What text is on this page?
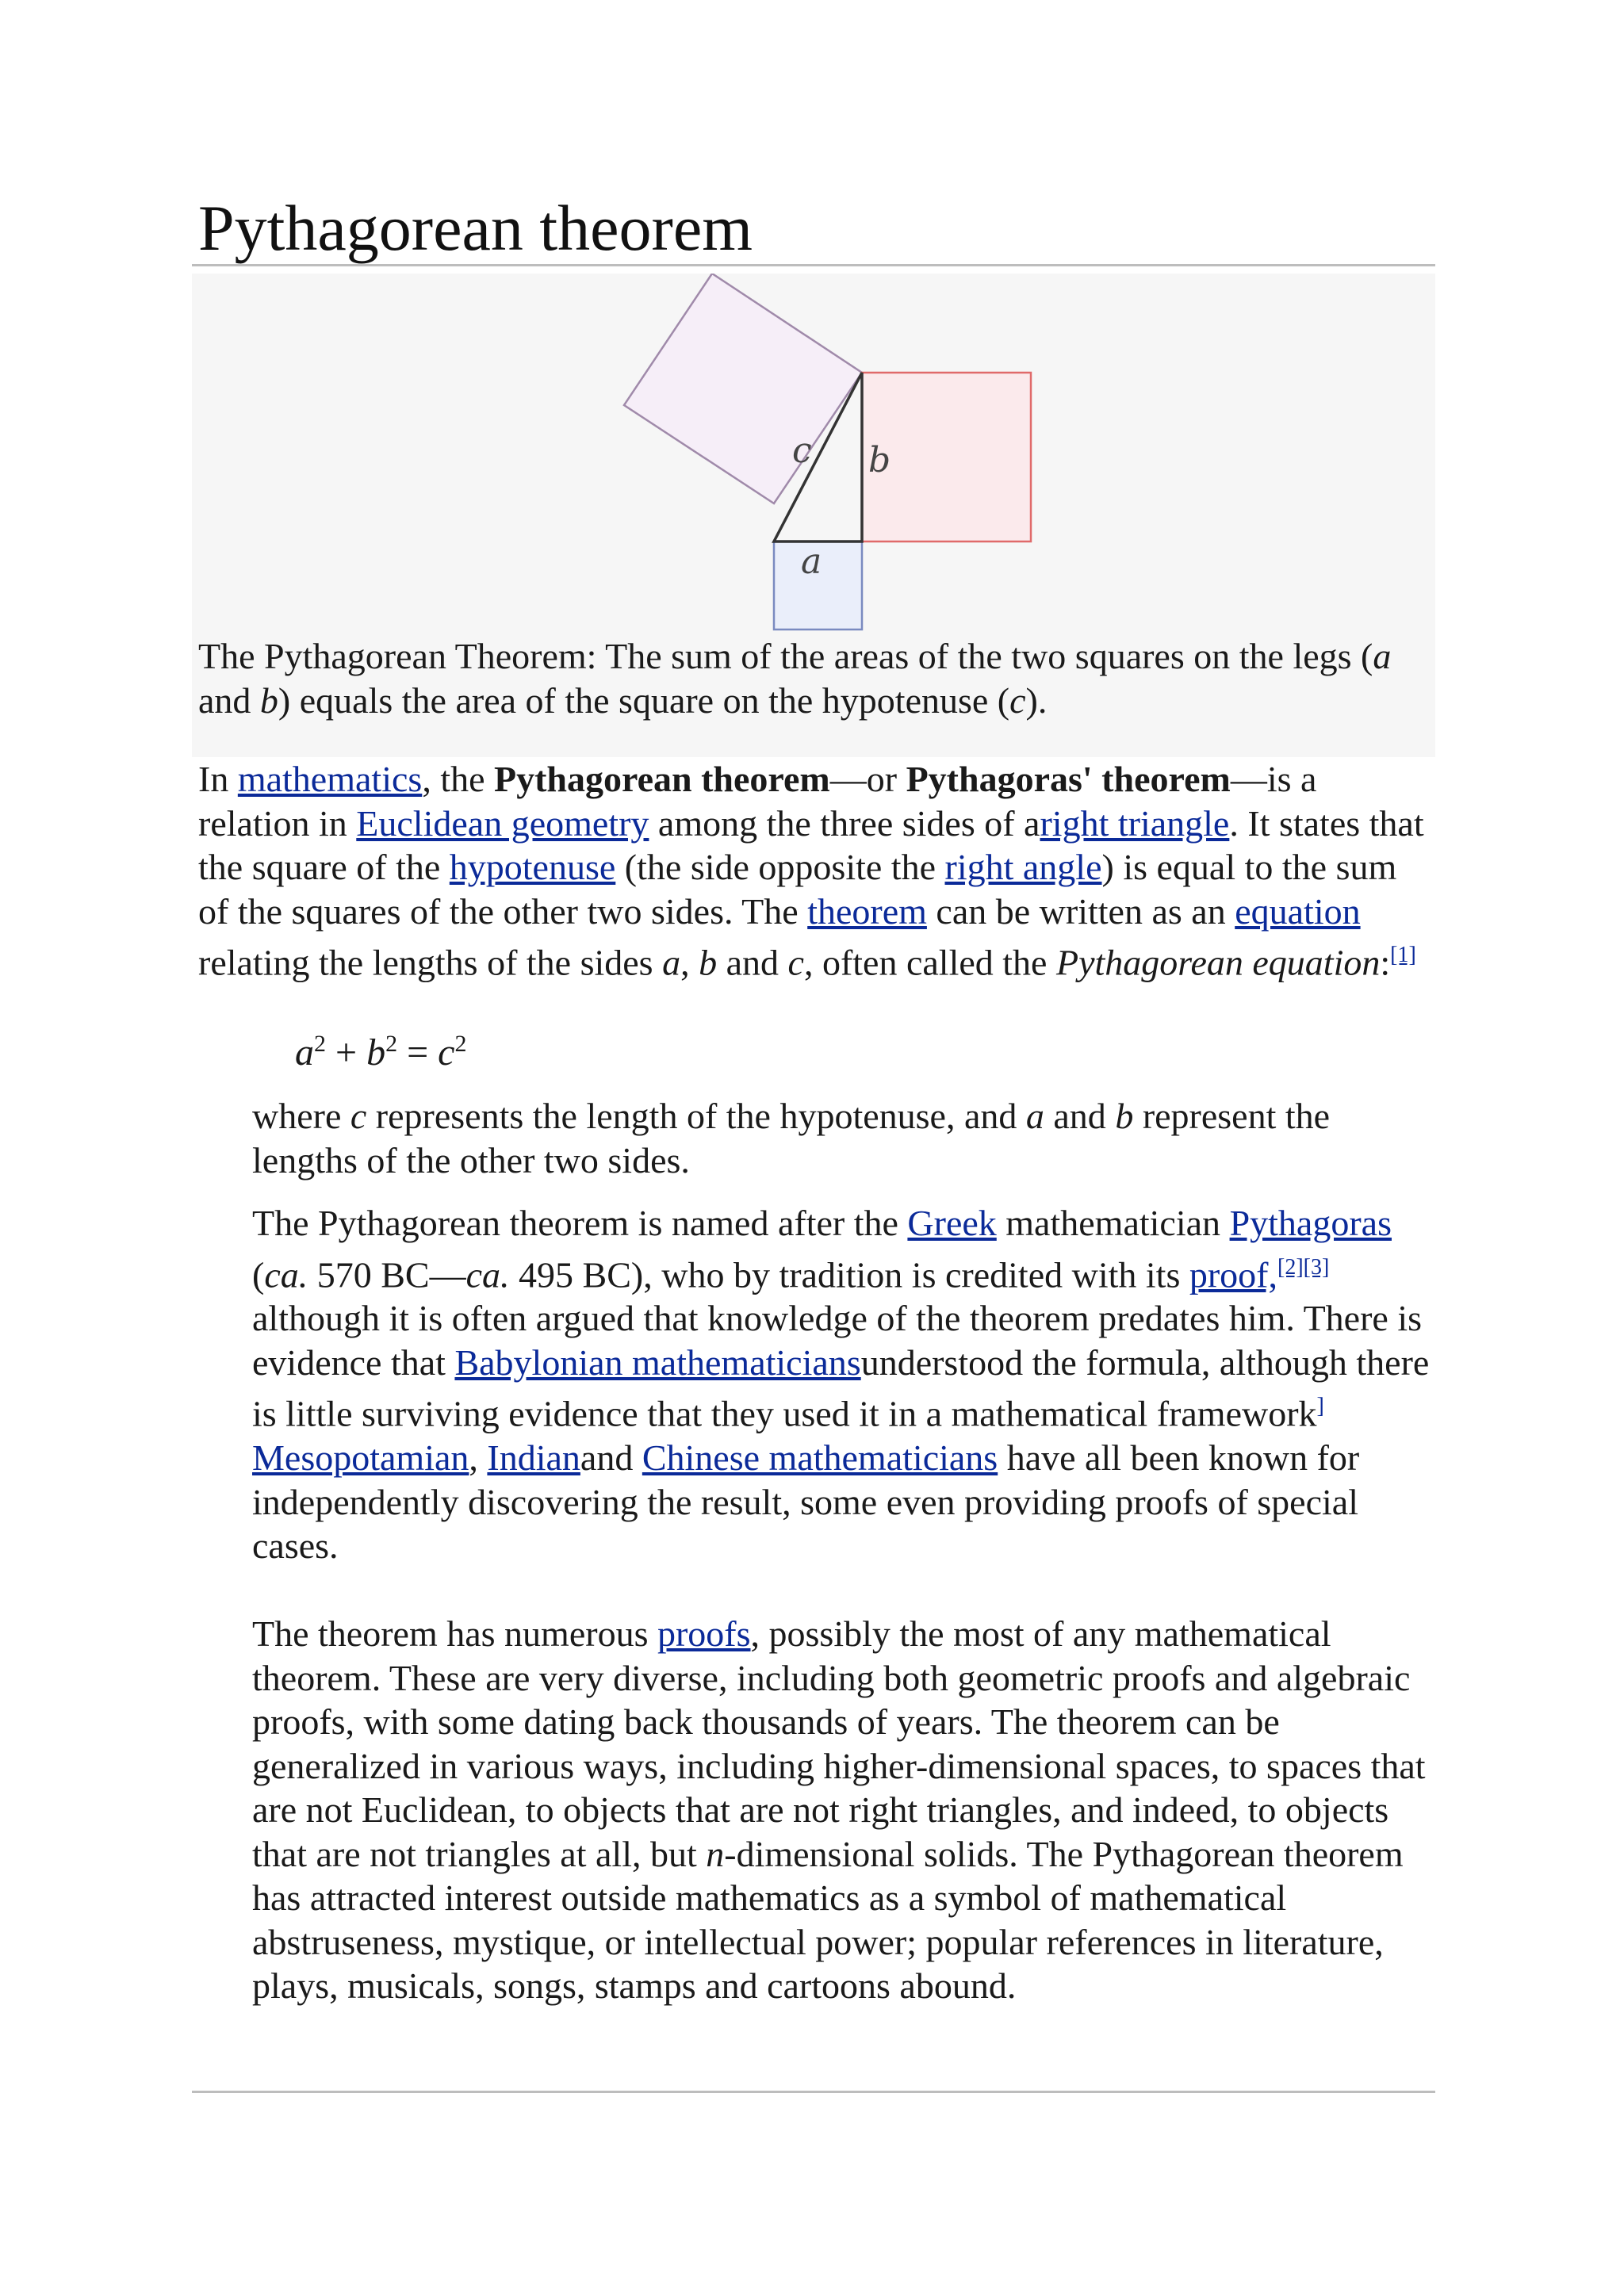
Pythagorean theorem
c b
a

The Pythagorean Theorem: The sum of the areas of the two squares on the legs (a and b) equals the area of the square on the hypotenuse (c).

In mathematics, the Pythagorean theorem—or Pythagoras' theorem—is a relation in Euclidean geometry among the three sides of aright triangle. It states that the square of the hypotenuse (the side opposite the right angle) is equal to the sum of the squares of the other two sides. The theorem can be written as an equation relating the lengths of the sides a, b and c, often called the Pythagorean equation:[1]

$a^2 + b^2 = c^2$

where c represents the length of the hypotenuse, and a and b represent the lengths of the other two sides.

The Pythagorean theorem is named after the Greek mathematician Pythagoras (ca. 570 BC—ca. 495 BC), who by tradition is credited with its proof,[2][3] although it is often argued that knowledge of the theorem predates him. There is evidence that Babylonian mathematiciansunderstood the formula, although there is little surviving evidence that they used it in a mathematical framework] Mesopotamian, Indianand Chinese mathematicians have all been known for independently discovering the result, some even providing proofs of special cases.

The theorem has numerous proofs, possibly the most of any mathematical theorem. These are very diverse, including both geometric proofs and algebraic proofs, with some dating back thousands of years. The theorem can be generalized in various ways, including higher-dimensional spaces, to spaces that are not Euclidean, to objects that are not right triangles, and indeed, to objects that are not triangles at all, but n-dimensional solids. The Pythagorean theorem has attracted interest outside mathematics as a symbol of mathematical abstruseness, mystique, or intellectual power; popular references in literature, plays, musicals, songs, stamps and cartoons abound.
